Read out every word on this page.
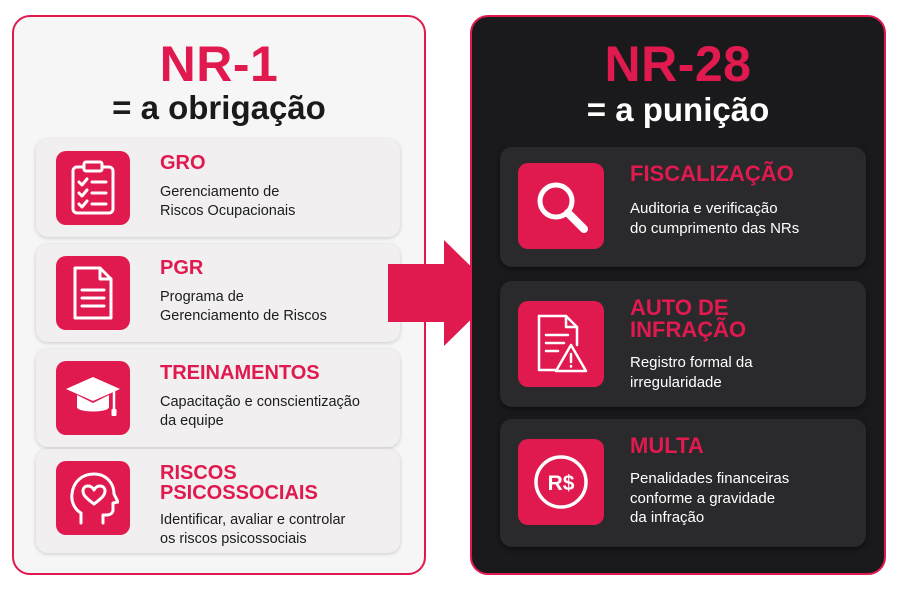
NR-1
= a obrigação
GRO
Gerenciamento de
Riscos Ocupacionais
PGR
Programa de
Gerenciamento de Riscos
TREINAMENTOS
Capacitação e conscientização
da equipe
RISCOS
PSICOSSOCIAIS
Identificar, avaliar e controlar
os riscos psicossociais
NR-28
= a punição
FISCALIZAÇÃO
Auditoria e verificação
do cumprimento das NRs
AUTO DE
INFRAÇÃO
Registro formal da
irregularidade
R$
MULTA
Penalidades financeiras
conforme a gravidade
da infração
